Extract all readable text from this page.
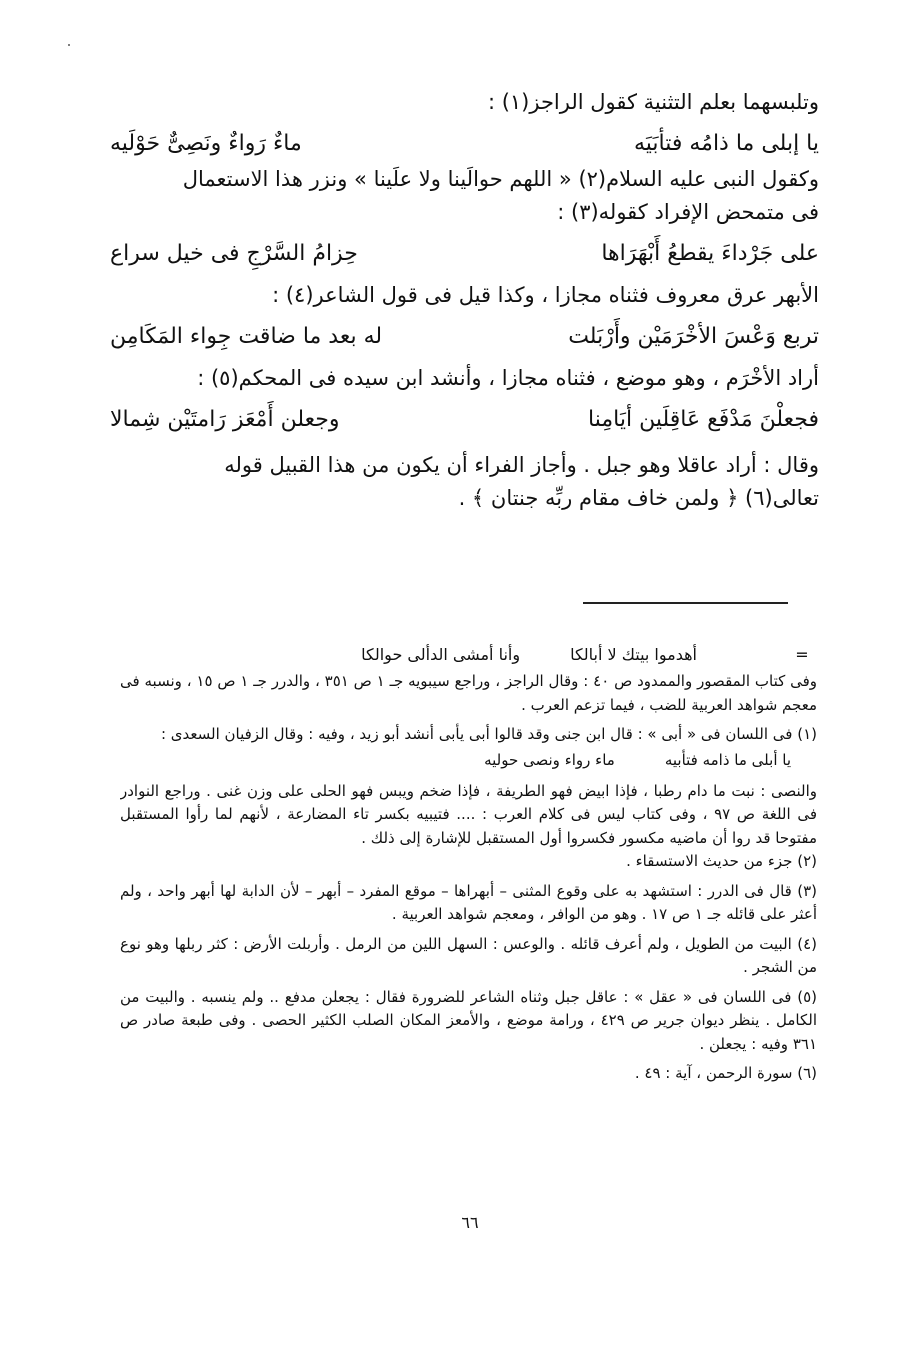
وتلبسهما بعلم التثنية كقول الراجز(١) :
يا إبلى ما ذامُه فتأبَيَه
ماءٌ رَواءٌ ونَصِىٌّ حَوْلَيه
وكقول النبى عليه السلام(٢) « اللهم حوالَينا ولا علَينا » ونزر هذا الاستعمال
فى متمحض الإفراد كقوله(٣) :
على جَرْداءَ يقطعُ أَبْهَرَاها
حِزامُ السَّرْجِ فى خيل سراع
الأبهر عرق معروف فثناه مجازا ، وكذا قيل فى قول الشاعر(٤) :
تربع وَعْسَ الأخْرَمَيْن وأَرْبَلت
له بعد ما ضاقت جِواء المَكَامِن
أراد الأخْرَم ، وهو موضع ، فثناه مجازا ، وأنشد ابن سيده فى المحكم(٥) :
فجعلْنَ مَدْفَع عَاقِلَين أيَامِنا
وجعلن أَمْعَز رَامتَيْن شِمالا
وقال : أراد عاقلا وهو جبل . وأجاز الفراء أن يكون من هذا القبيل قوله
تعالى(٦) ﴿ ولمن خاف مقام ربِّه جنتان ﴾ .
=
أهدموا بيتك لا أبالكا
وأنا أمشى الدألى حوالكا
وفى كتاب المقصور والممدود ص ٤٠ : وقال الراجز ، وراجع سيبويه جـ ١ ص ٣٥١ ، والدرر جـ ١ ص ١٥ ، ونسبه فى معجم شواهد العربية للضب ، فيما تزعم العرب .
(١) فى اللسان فى « أبى » : قال ابن جنى وقد قالوا أبى يأبى أنشد أبو زيد ، وفيه : وقال الزفيان السعدى :
يا أبلى ما ذامه فتأبيه
ماء رواء ونصى حوليه
والنصى : نبت ما دام رطبا ، فإذا ابيض فهو الطريفة ، فإذا ضخم ويبس فهو الحلى على وزن غنى . وراجع النوادر فى اللغة ص ٩٧ ، وفى كتاب ليس فى كلام العرب : .... فتيبيه بكسر تاء المضارعة ، لأنهم لما رأوا المستقبل مفتوحا قد روا أن ماضيه مكسور فكسروا أول المستقبل للإشارة إلى ذلك .
(٢) جزء من حديث الاستسقاء .
(٣) قال فى الدرر : استشهد به على وقوع المثنى – أبهراها – موقع المفرد – أبهر – لأن الدابة لها أبهر واحد ، ولم أعثر على قائله جـ ١ ص ١٧ . وهو من الوافر ، ومعجم شواهد العربية .
(٤) البيت من الطويل ، ولم أعرف قائله . والوعس : السهل اللين من الرمل . وأربلت الأرض : كثر ربلها وهو نوع من الشجر .
(٥) فى اللسان فى « عقل » : عاقل جبل وثناه الشاعر للضرورة فقال : يجعلن مدفع .. ولم ينسبه . والبيت من الكامل . ينظر ديوان جرير ص ٤٢٩ ، ورامة موضع ، والأمعز المكان الصلب الكثير الحصى . وفى طبعة صادر ص ٣٦١ وفيه : يجعلن .
(٦) سورة الرحمن ، آية : ٤٩ .
٦٦
